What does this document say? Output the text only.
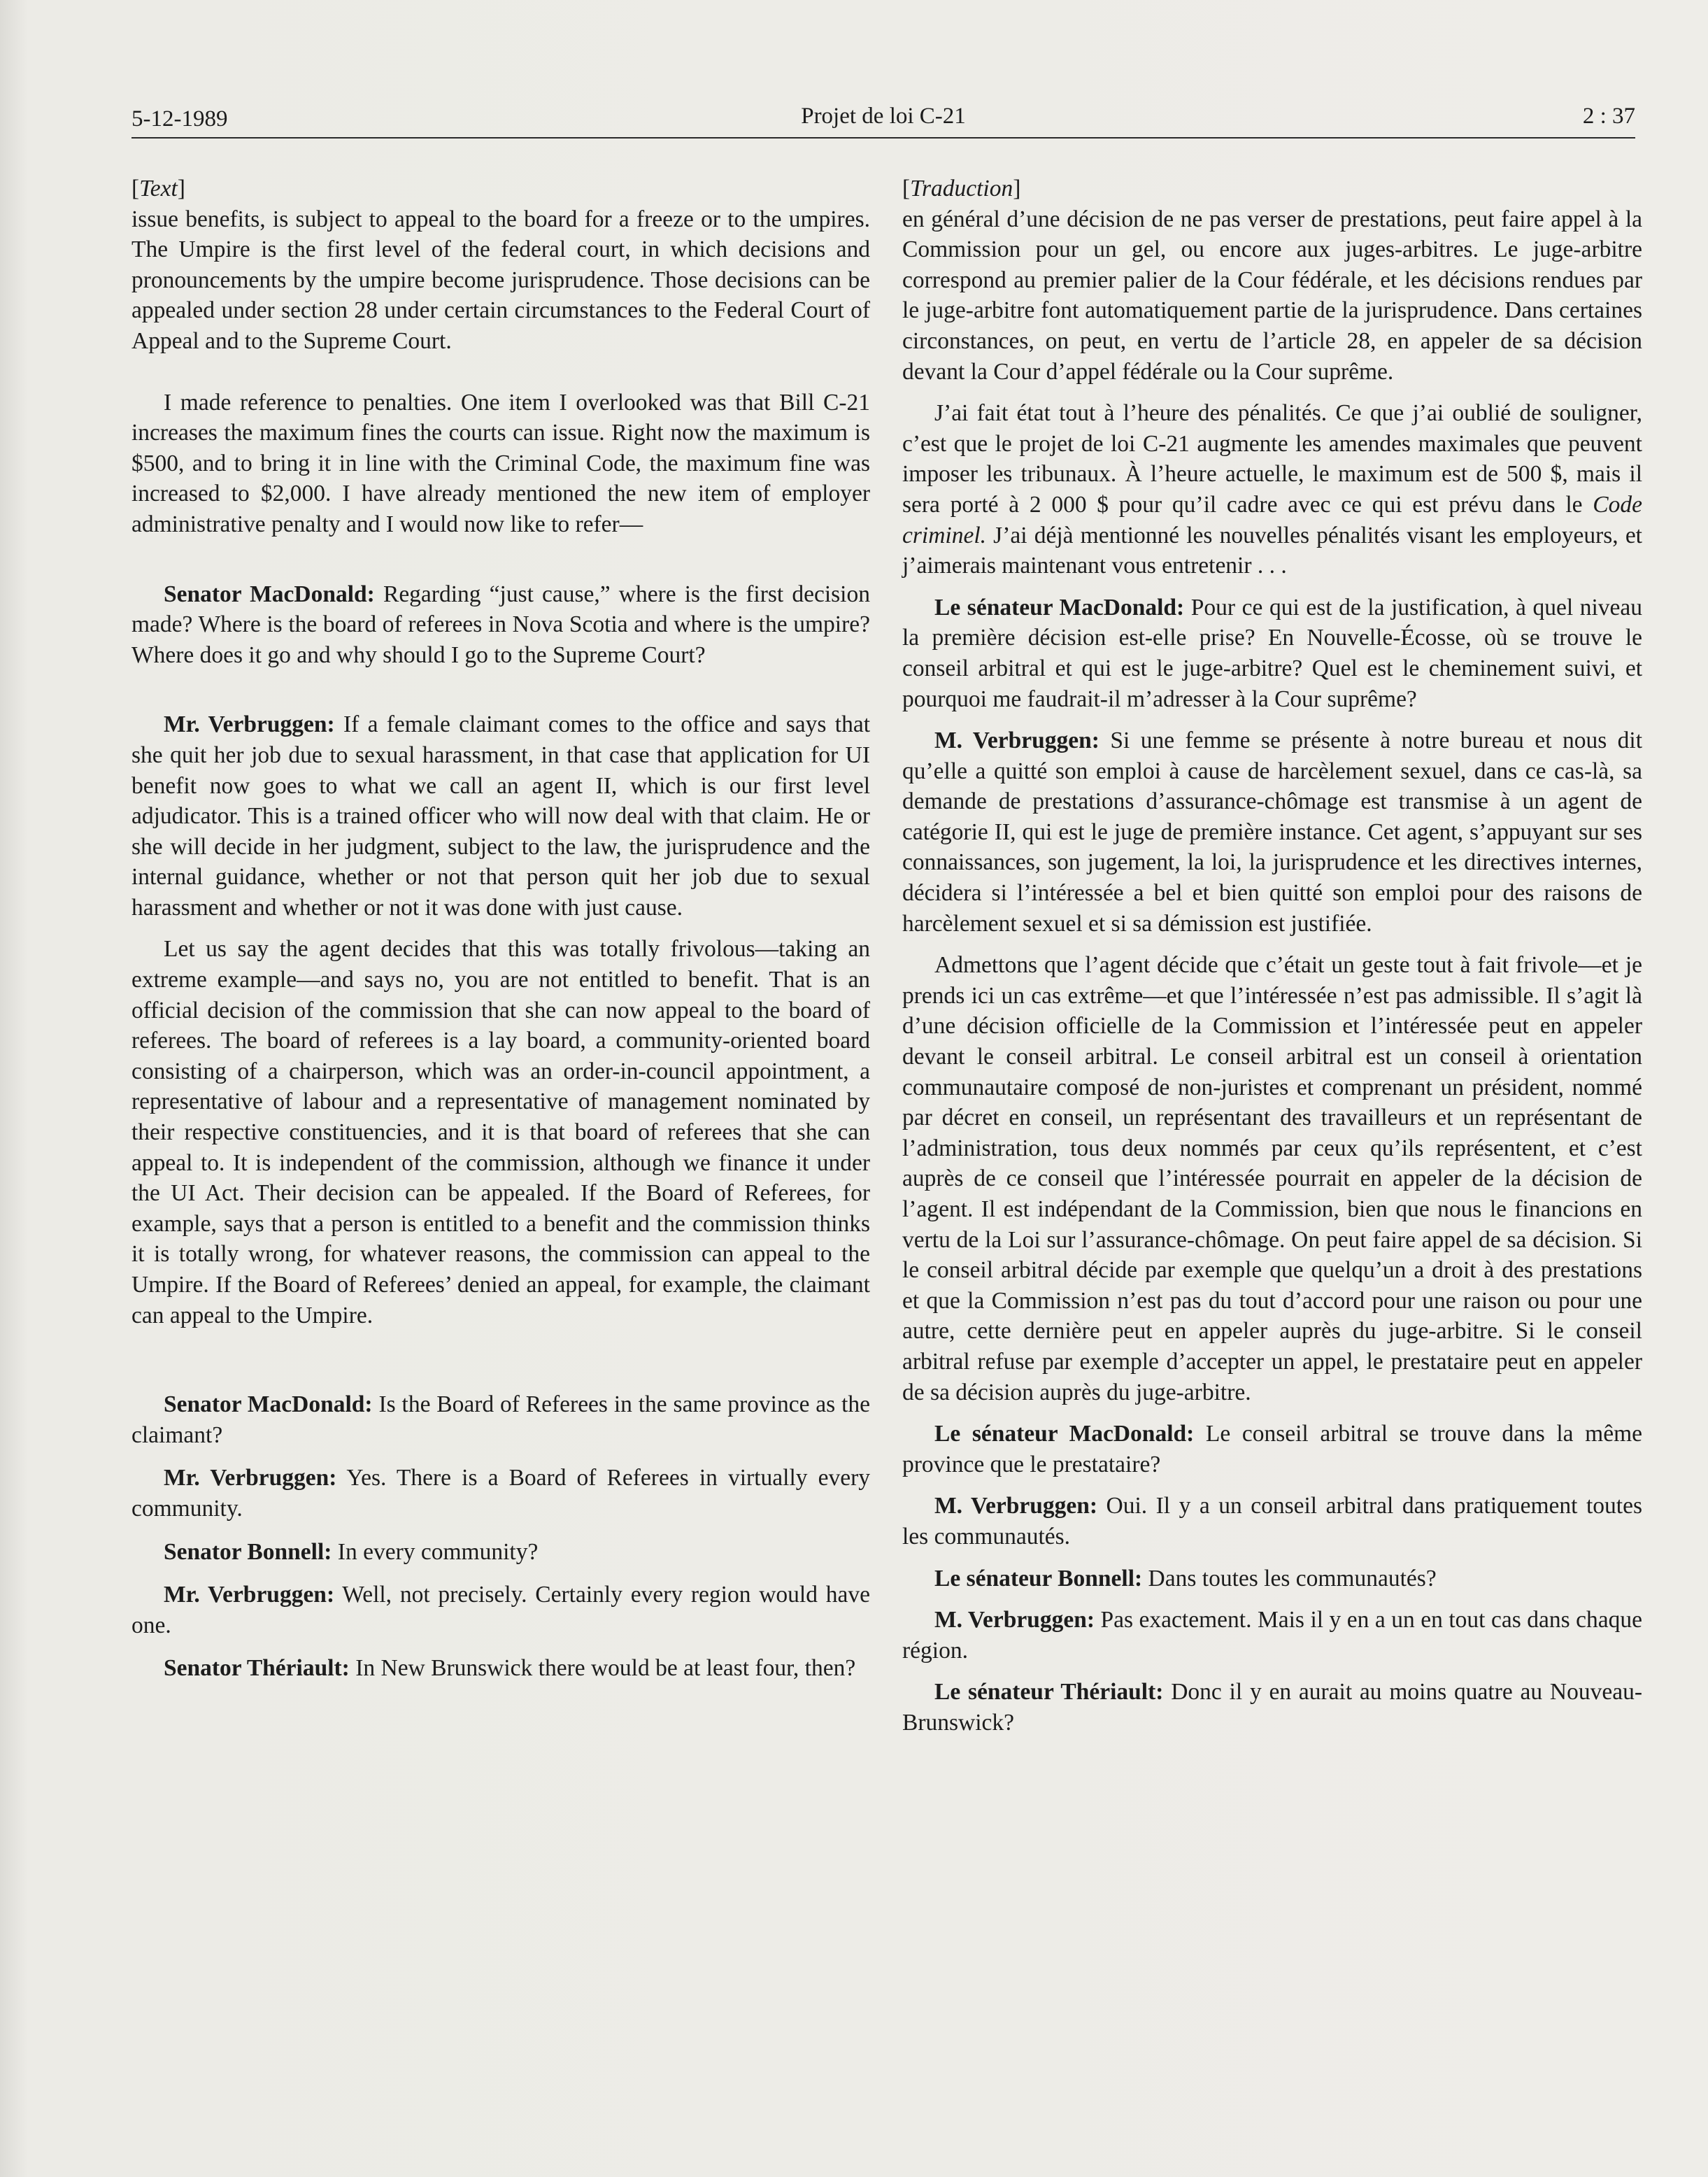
5-12-1989	Projet de loi C-21	2 : 37

[Text]

issue benefits, is subject to appeal to the board for a freeze or to the umpires. The Umpire is the first level of the federal court, in which decisions and pronouncements by the umpire become jurisprudence. Those decisions can be appealed under section 28 under certain circumstances to the Federal Court of Appeal and to the Supreme Court.

I made reference to penalties. One item I overlooked was that Bill C-21 increases the maximum fines the courts can issue. Right now the maximum is $500, and to bring it in line with the Criminal Code, the maximum fine was increased to $2,000. I have already mentioned the new item of employer administrative penalty and I would now like to refer—

Senator MacDonald: Regarding “just cause,” where is the first decision made? Where is the board of referees in Nova Scotia and where is the umpire? Where does it go and why should I go to the Supreme Court?

Mr. Verbruggen: If a female claimant comes to the office and says that she quit her job due to sexual harassment, in that case that application for UI benefit now goes to what we call an agent II, which is our first level adjudicator. This is a trained officer who will now deal with that claim. He or she will decide in her judgment, subject to the law, the jurisprudence and the internal guidance, whether or not that person quit her job due to sexual harassment and whether or not it was done with just cause.

Let us say the agent decides that this was totally frivolous—taking an extreme example—and says no, you are not entitled to benefit. That is an official decision of the commission that she can now appeal to the board of referees. The board of referees is a lay board, a community-oriented board consisting of a chairperson, which was an order-in-council appointment, a representative of labour and a representative of management nominated by their respective constituencies, and it is that board of referees that she can appeal to. It is independent of the commission, although we finance it under the UI Act. Their decision can be appealed. If the Board of Referees, for example, says that a person is entitled to a benefit and the commission thinks it is totally wrong, for whatever reasons, the commission can appeal to the Umpire. If the Board of Referees’ denied an appeal, for example, the claimant can appeal to the Umpire.

Senator MacDonald: Is the Board of Referees in the same province as the claimant?

Mr. Verbruggen: Yes. There is a Board of Referees in virtually every community.

Senator Bonnell: In every community?

Mr. Verbruggen: Well, not precisely. Certainly every region would have one.

Senator Thériault: In New Brunswick there would be at least four, then?

[Traduction]

en général d’une décision de ne pas verser de prestations, peut faire appel à la Commission pour un gel, ou encore aux juges-arbitres. Le juge-arbitre correspond au premier palier de la Cour fédérale, et les décisions rendues par le juge-arbitre font automatiquement partie de la jurisprudence. Dans certaines circonstances, on peut, en vertu de l’article 28, en appeler de sa décision devant la Cour d’appel fédérale ou la Cour suprême.

J’ai fait état tout à l’heure des pénalités. Ce que j’ai oublié de souligner, c’est que le projet de loi C-21 augmente les amendes maximales que peuvent imposer les tribunaux. À l’heure actuelle, le maximum est de 500 $, mais il sera porté à 2 000 $ pour qu’il cadre avec ce qui est prévu dans le Code criminel. J’ai déjà mentionné les nouvelles pénalités visant les employeurs, et j’aimerais maintenant vous entretenir . . .

Le sénateur MacDonald: Pour ce qui est de la justification, à quel niveau la première décision est-elle prise? En Nouvelle-Écosse, où se trouve le conseil arbitral et qui est le juge-arbitre? Quel est le cheminement suivi, et pourquoi me faudrait-il m’adresser à la Cour suprême?

M. Verbruggen: Si une femme se présente à notre bureau et nous dit qu’elle a quitté son emploi à cause de harcèlement sexuel, dans ce cas-là, sa demande de prestations d’assurance-chômage est transmise à un agent de catégorie II, qui est le juge de première instance. Cet agent, s’appuyant sur ses connaissances, son jugement, la loi, la jurisprudence et les directives internes, décidera si l’intéressée a bel et bien quitté son emploi pour des raisons de harcèlement sexuel et si sa démission est justifiée.

Admettons que l’agent décide que c’était un geste tout à fait frivole—et je prends ici un cas extrême—et que l’intéressée n’est pas admissible. Il s’agit là d’une décision officielle de la Commission et l’intéressée peut en appeler devant le conseil arbitral. Le conseil arbitral est un conseil à orientation communautaire composé de non-juristes et comprenant un président, nommé par décret en conseil, un représentant des travailleurs et un représentant de l’administration, tous deux nommés par ceux qu’ils représentent, et c’est auprès de ce conseil que l’intéressée pourrait en appeler de la décision de l’agent. Il est indépendant de la Commission, bien que nous le financions en vertu de la Loi sur l’assurance-chômage. On peut faire appel de sa décision. Si le conseil arbitral décide par exemple que quelqu’un a droit à des prestations et que la Commission n’est pas du tout d’accord pour une raison ou pour une autre, cette dernière peut en appeler auprès du juge-arbitre. Si le conseil arbitral refuse par exemple d’accepter un appel, le prestataire peut en appeler de sa décision auprès du juge-arbitre.

Le sénateur MacDonald: Le conseil arbitral se trouve dans la même province que le prestataire?

M. Verbruggen: Oui. Il y a un conseil arbitral dans pratiquement toutes les communautés.

Le sénateur Bonnell: Dans toutes les communautés?

M. Verbruggen: Pas exactement. Mais il y en a un en tout cas dans chaque région.

Le sénateur Thériault: Donc il y en aurait au moins quatre au Nouveau-Brunswick?
